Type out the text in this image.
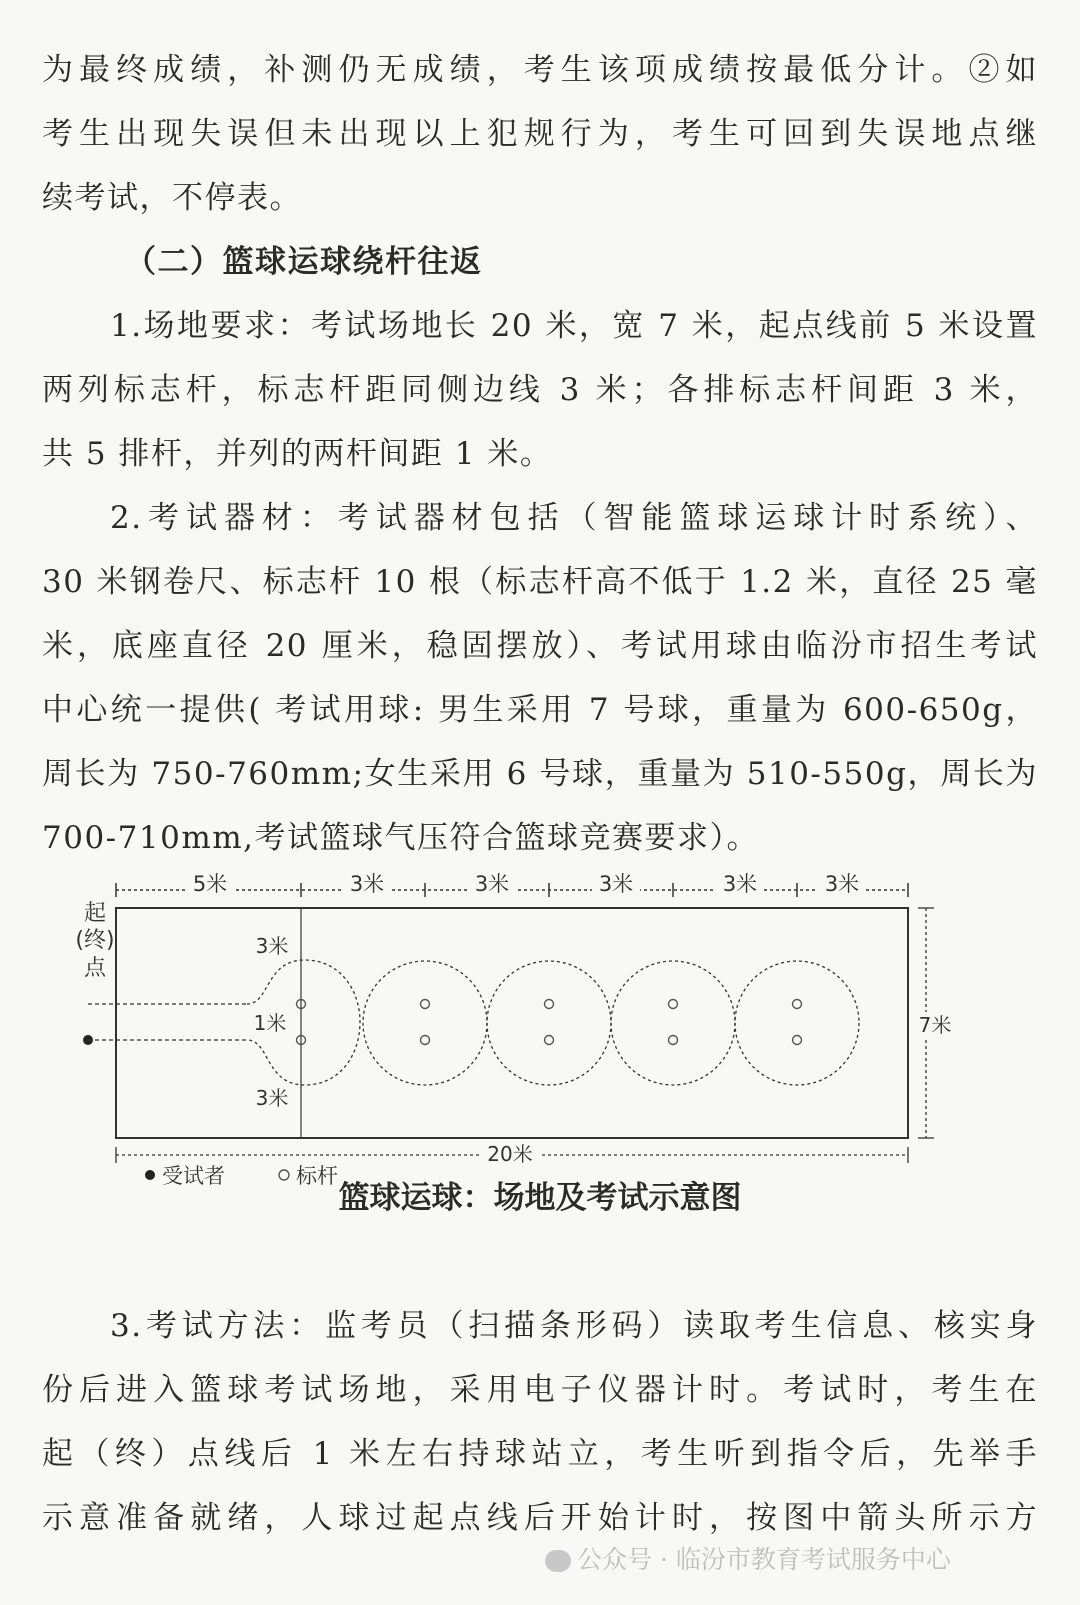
为最终成绩，补测仍无成绩，考生该项成绩按最低分计。②如
考生出现失误但未出现以上犯规行为，考生可回到失误地点继
续考试，不停表。
（二）篮球运球绕杆往返
1.场地要求：考试场地长 20 米，宽 7 米，起点线前 5 米设置
两列标志杆，标志杆距同侧边线 3 米；各排标志杆间距 3 米，
共 5 排杆，并列的两杆间距 1 米。
2.考试器材：考试器材包括（智能篮球运球计时系统）、
30 米钢卷尺、标志杆 10 根（标志杆高不低于 1.2 米，直径 25 毫
米，底座直径 20 厘米，稳固摆放）、考试用球由临汾市招生考试
中心统一提供( 考试用球: 男生采用 7 号球，重量为 600-650g，
周长为 750-760mm;女生采用 6 号球，重量为 510-550g，周长为
700-710mm,考试篮球气压符合篮球竞赛要求）。
5米	3米	3米	3米	3米	3米
起
(终)
点
3米
1米
3米
7米
20米
受试者	标杆
篮球运球：场地及考试示意图
3.考试方法：监考员（扫描条形码）读取考生信息、核实身
份后进入篮球考试场地，采用电子仪器计时。考试时，考生在
起（终）点线后 1 米左右持球站立，考生听到指令后，先举手
示意准备就绪，人球过起点线后开始计时，按图中箭头所示方
公众号 · 临汾市教育考试服务中心
